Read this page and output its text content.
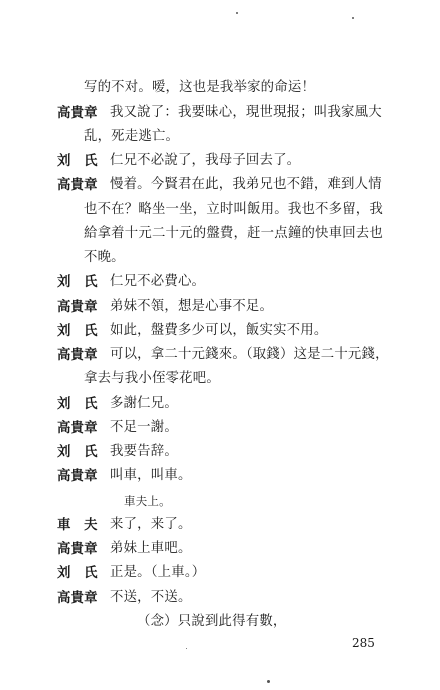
写的不对。嗳，这也是我举家的命运！
高貴章 我又說了：我要昧心，現世現报；叫我家風大
乱，死走逃亡。
刘　氏 仁兄不必說了，我母子回去了。
高貴章 慢着。今賢君在此，我弟兄也不錯，难到人情
也不在？略坐一坐，立时叫飯用。我也不多留，我
給拿着十元二十元的盤費，赶一点鐘的快車回去也
不晚。
刘　氏 仁兄不必費心。
高貴章 弟妹不領，想是心事不足。
刘　氏 如此，盤費多少可以，飯实实不用。
高貴章 可以，拿二十元錢來。（取錢）这是二十元錢，
拿去与我小侄零花吧。
刘　氏 多謝仁兄。
高貴章 不足一謝。
刘　氏 我要告辞。
高貴章 叫車，叫車。
車夫上。
車　夫 来了，来了。
高貴章 弟妹上車吧。
刘　氏 正是。（上車。）
高貴章 不送，不送。
（念）只說到此得有數，
285
